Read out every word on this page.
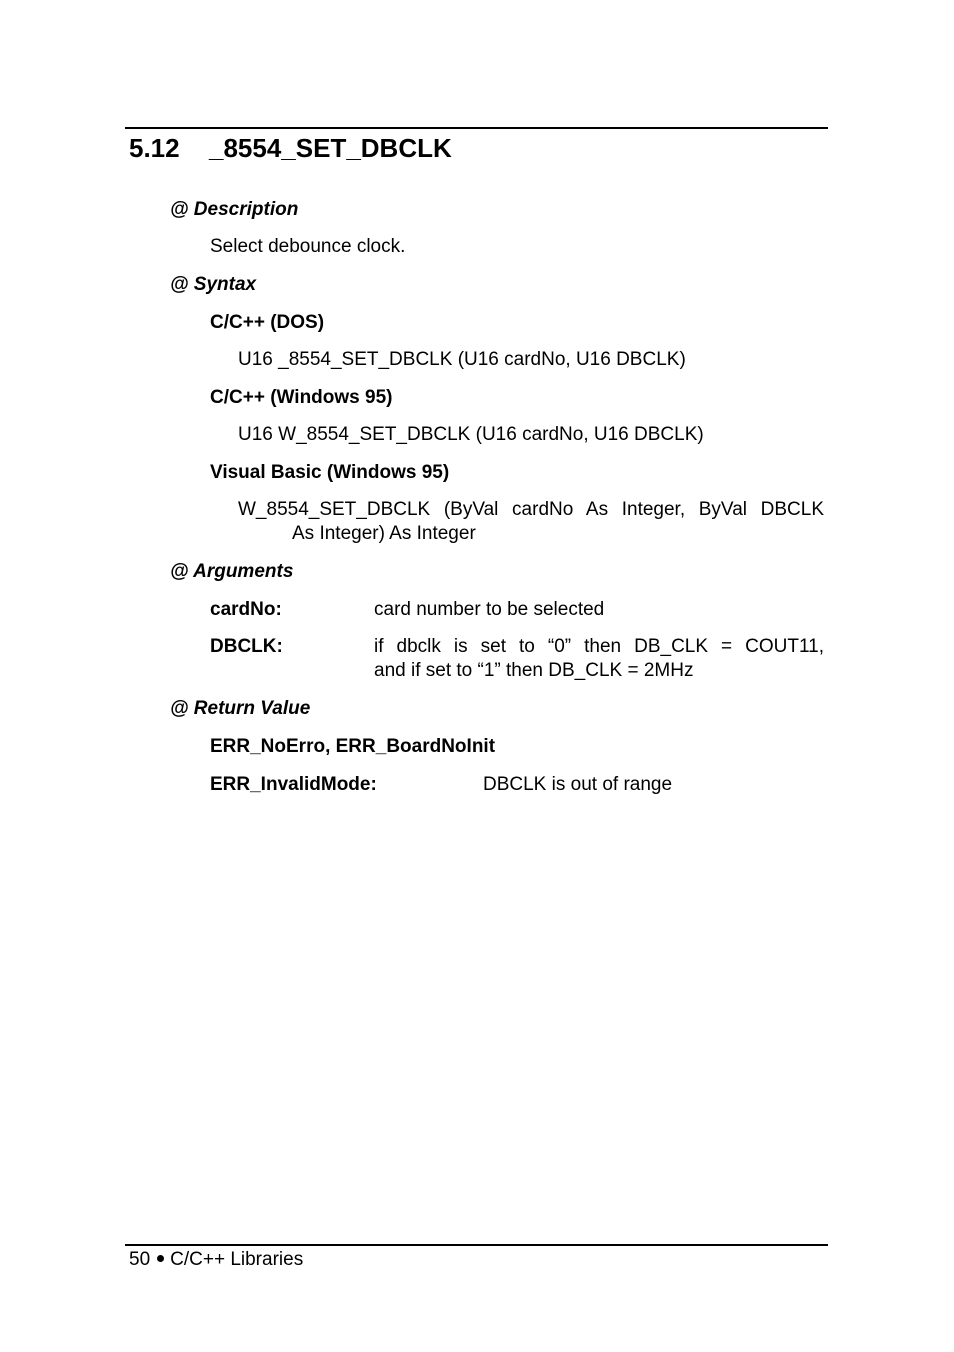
5.12 _8554_SET_DBCLK
@ Description
Select debounce clock.
@ Syntax
C/C++ (DOS)
U16 _8554_SET_DBCLK (U16 cardNo, U16 DBCLK)
C/C++ (Windows 95)
U16 W_8554_SET_DBCLK (U16 cardNo, U16 DBCLK)
Visual Basic (Windows 95)
W_8554_SET_DBCLK (ByVal cardNo As Integer, ByVal DBCLK
As Integer) As Integer
@ Arguments
cardNo:	card number to be selected
DBCLK:	if dbclk is set to “0” then DB_CLK = COUT11,
and if set to “1” then DB_CLK = 2MHz
@ Return Value
ERR_NoErro, ERR_BoardNoInit
ERR_InvalidMode:	DBCLK is out of range
50 C/C++ Libraries
